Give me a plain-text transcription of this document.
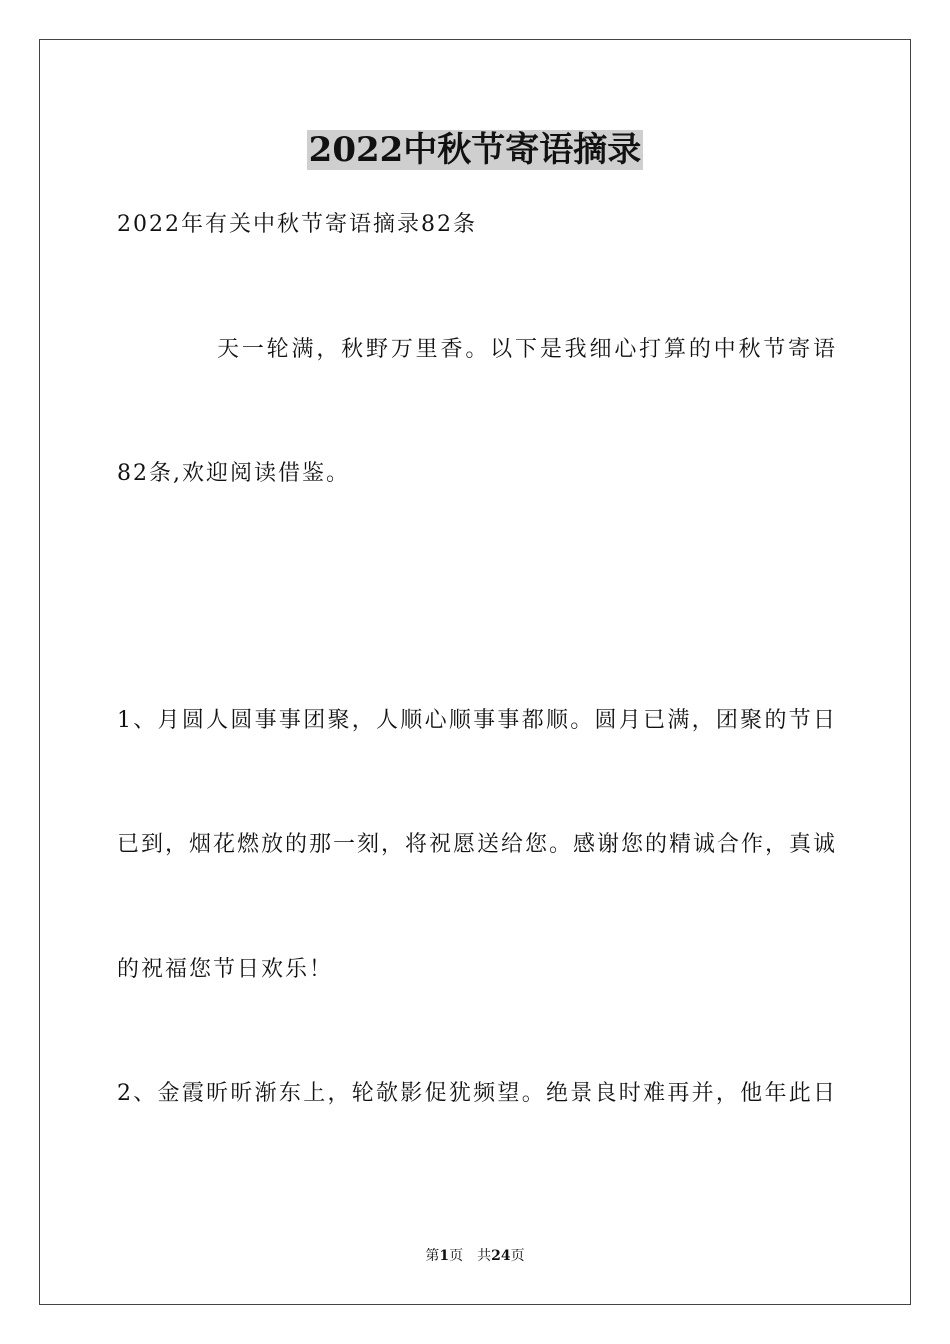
2022中秋节寄语摘录
2022年有关中秋节寄语摘录82条
天一轮满，秋野万里香。以下是我细心打算的中秋节寄语
82条,欢迎阅读借鉴。
1、月圆人圆事事团聚，人顺心顺事事都顺。圆月已满，团聚的节日
已到，烟花燃放的那一刻，将祝愿送给您。感谢您的精诚合作，真诚
的祝福您节日欢乐！
2、金霞昕昕渐东上，轮欹影促犹频望。绝景良时难再并，他年此日
第1页 共24页
